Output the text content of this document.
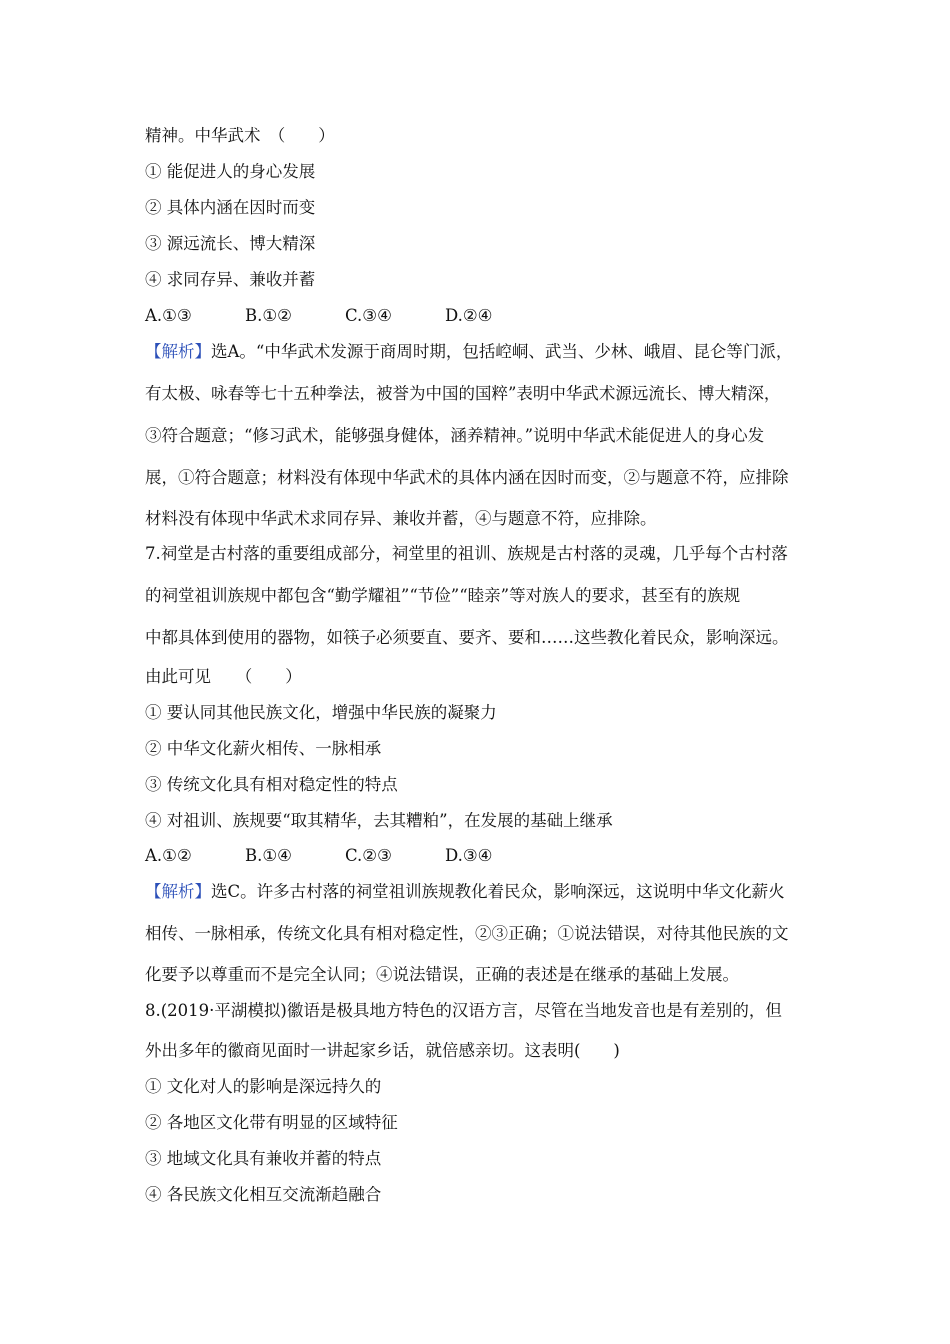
精神。中华武术　（　　）
① 能促进人的身心发展
② 具体内涵在因时而变
③ 源远流长、博大精深
④ 求同存异、兼收并蓄
A.①③	B.①②	C.③④	D.②④
【解析】选A。“中华武术发源于商周时期，包括崆峒、武当、少林、峨眉、昆仑等门派，
有太极、咏春等七十五种拳法，被誉为中国的国粹”表明中华武术源远流长、博大精深，
③符合题意；“修习武术，能够强身健体，涵养精神。”说明中华武术能促进人的身心发
展，①符合题意；材料没有体现中华武术的具体内涵在因时而变，②与题意不符，应排除
材料没有体现中华武术求同存异、兼收并蓄，④与题意不符，应排除。
7.祠堂是古村落的重要组成部分，祠堂里的祖训、族规是古村落的灵魂，几乎每个古村落
的祠堂祖训族规中都包含“勤学耀祖”“节俭”“睦亲”等对族人的要求，甚至有的族规
中都具体到使用的器物，如筷子必须要直、要齐、要和……这些教化着民众，影响深远。
由此可见　　（　　）
① 要认同其他民族文化，增强中华民族的凝聚力
② 中华文化薪火相传、一脉相承
③ 传统文化具有相对稳定性的特点
④ 对祖训、族规要“取其精华，去其糟粕”，在发展的基础上继承
A.①②	B.①④	C.②③	D.③④
【解析】选C。许多古村落的祠堂祖训族规教化着民众，影响深远，这说明中华文化薪火
相传、一脉相承，传统文化具有相对稳定性，②③正确；①说法错误，对待其他民族的文
化要予以尊重而不是完全认同；④说法错误，正确的表述是在继承的基础上发展。
8.(2019·平湖模拟)徽语是极具地方特色的汉语方言，尽管在当地发音也是有差别的，但
外出多年的徽商见面时一讲起家乡话，就倍感亲切。这表明(　　)
① 文化对人的影响是深远持久的
② 各地区文化带有明显的区域特征
③ 地域文化具有兼收并蓄的特点
④ 各民族文化相互交流渐趋融合
